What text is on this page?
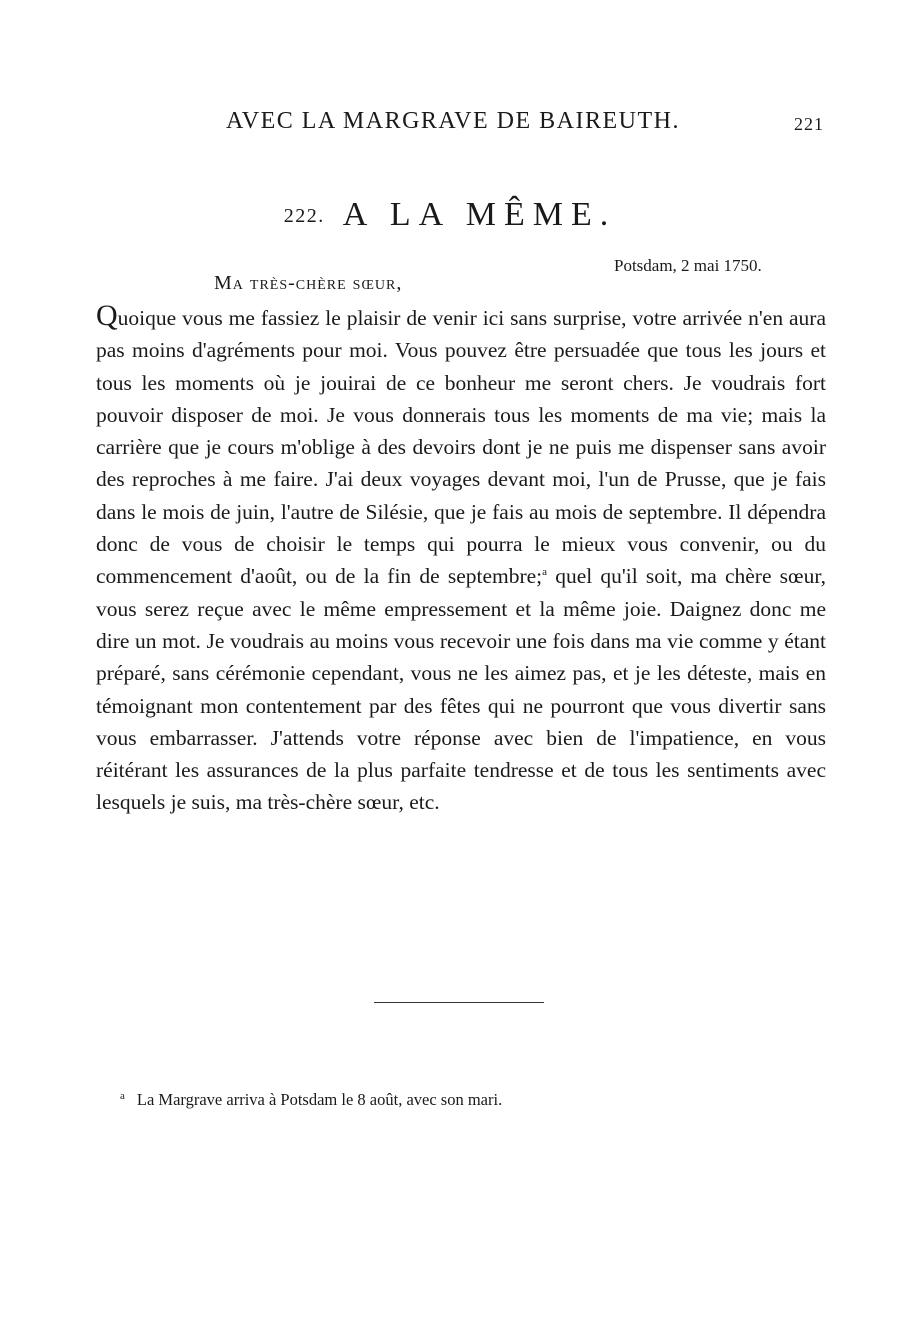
AVEC LA MARGRAVE DE BAIREUTH.	221
222. A LA MÊME.
Potsdam, 2 mai 1750.
Ma très-chère sœur,
Quoique vous me fassiez le plaisir de venir ici sans surprise, votre arrivée n'en aura pas moins d'agréments pour moi. Vous pouvez être persuadée que tous les jours et tous les moments où je jouirai de ce bonheur me seront chers. Je voudrais fort pouvoir disposer de moi. Je vous donnerais tous les moments de ma vie; mais la carrière que je cours m'oblige à des devoirs dont je ne puis me dispenser sans avoir des reproches à me faire. J'ai deux voyages devant moi, l'un de Prusse, que je fais dans le mois de juin, l'autre de Silésie, que je fais au mois de septembre. Il dépendra donc de vous de choisir le temps qui pourra le mieux vous convenir, ou du commencement d'août, ou de la fin de septembre;$^a$ quel qu'il soit, ma chère sœur, vous serez reçue avec le même empressement et la même joie. Daignez donc me dire un mot. Je voudrais au moins vous recevoir une fois dans ma vie comme y étant préparé, sans cérémonie cependant, vous ne les aimez pas, et je les déteste, mais en témoignant mon contentement par des fêtes qui ne pourront que vous divertir sans vous embarrasser. J'attends votre réponse avec bien de l'impatience, en vous réitérant les assurances de la plus parfaite tendresse et de tous les sentiments avec lesquels je suis, ma très-chère sœur, etc.
$^a$ La Margrave arriva à Potsdam le 8 août, avec son mari.
